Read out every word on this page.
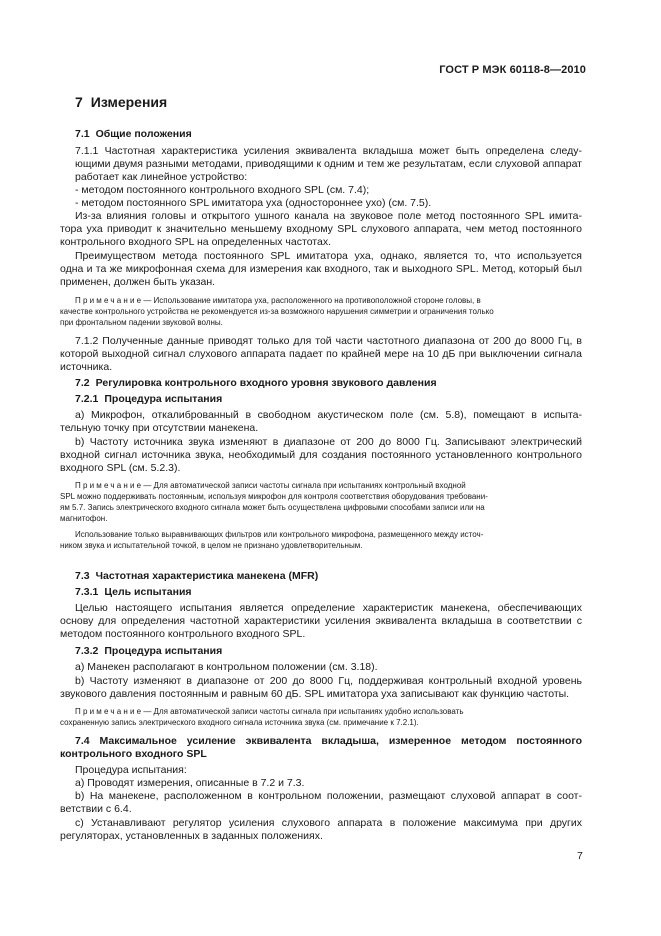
ГОСТ Р МЭК 60118-8—2010
7 Измерения
7.1 Общие положения
7.1.1 Частотная характеристика усиления эквивалента вкладыша может быть определена следу-
ющими двумя разными методами, приводящими к одним и тем же результатам, если слуховой аппарат
работает как линейное устройство:
- методом постоянного контрольного входного SPL (см. 7.4);
- методом постоянного SPL имитатора уха (одностороннее ухо) (см. 7.5).
Из-за влияния головы и открытого ушного канала на звуковое поле метод постоянного SPL имита-
тора уха приводит к значительно меньшему входному SPL слухового аппарата, чем метод постоянного
контрольного входного SPL на определенных частотах.
Преимуществом метода постоянного SPL имитатора уха, однако, является то, что используется
одна и та же микрофонная схема для измерения как входного, так и выходного SPL. Метод, который был
применен, должен быть указан.
Примечание— Использование имитатора уха, расположенного на противоположной стороне головы, в
качестве контрольного устройства не рекомендуется из-за возможного нарушения симметрии и ограничения только
при фронтальном падении звуковой волны.
7.1.2 Полученные данные приводят только для той части частотного диапазона от 200 до 8000 Гц, в
которой выходной сигнал слухового аппарата падает по крайней мере на 10 дБ при выключении сигнала
источника.
7.2 Регулировка контрольного входного уровня звукового давления
7.2.1 Процедура испытания
a) Микрофон, откалиброванный в свободном акустическом поле (см. 5.8), помещают в испыта-
тельную точку при отсутствии манекена.
b) Частоту источника звука изменяют в диапазоне от 200 до 8000 Гц. Записывают электрический
входной сигнал источника звука, необходимый для создания постоянного установленного контрольного
входного SPL (см. 5.2.3).
Примечание— Для автоматической записи частоты сигнала при испытаниях контрольный входной
SPL можно поддерживать постоянным, используя микрофон для контроля соответствия оборудования требовани-
ям 5.7. Запись электрического входного сигнала может быть осуществлена цифровыми способами записи или на
магнитофон.
Использование только выравнивающих фильтров или контрольного микрофона, размещенного между источ-
ником звука и испытательной точкой, в целом не признано удовлетворительным.
7.3 Частотная характеристика манекена (MFR)
7.3.1 Цель испытания
Целью настоящего испытания является определение характеристик манекена, обеспечивающих
основу для определения частотной характеристики усиления эквивалента вкладыша в соответствии с
методом постоянного контрольного входного SPL.
7.3.2 Процедура испытания
a) Манекен располагают в контрольном положении (см. 3.18).
b) Частоту изменяют в диапазоне от 200 до 8000 Гц, поддерживая контрольный входной уровень
звукового давления постоянным и равным 60 дБ. SPL имитатора уха записывают как функцию частоты.
Примечание— Для автоматической записи частоты сигнала при испытаниях удобно использовать
сохраненную запись электрического входного сигнала источника звука (см. примечание к 7.2.1).
7.4 Максимальное усиление эквивалента вкладыша, измеренное методом постоянного
контрольного входного SPL
Процедура испытания:
a) Проводят измерения, описанные в 7.2 и 7.3.
b) На манекене, расположенном в контрольном положении, размещают слуховой аппарат в соот-
ветствии с 6.4.
c) Устанавливают регулятор усиления слухового аппарата в положение максимума при других
регуляторах, установленных в заданных положениях.
7
